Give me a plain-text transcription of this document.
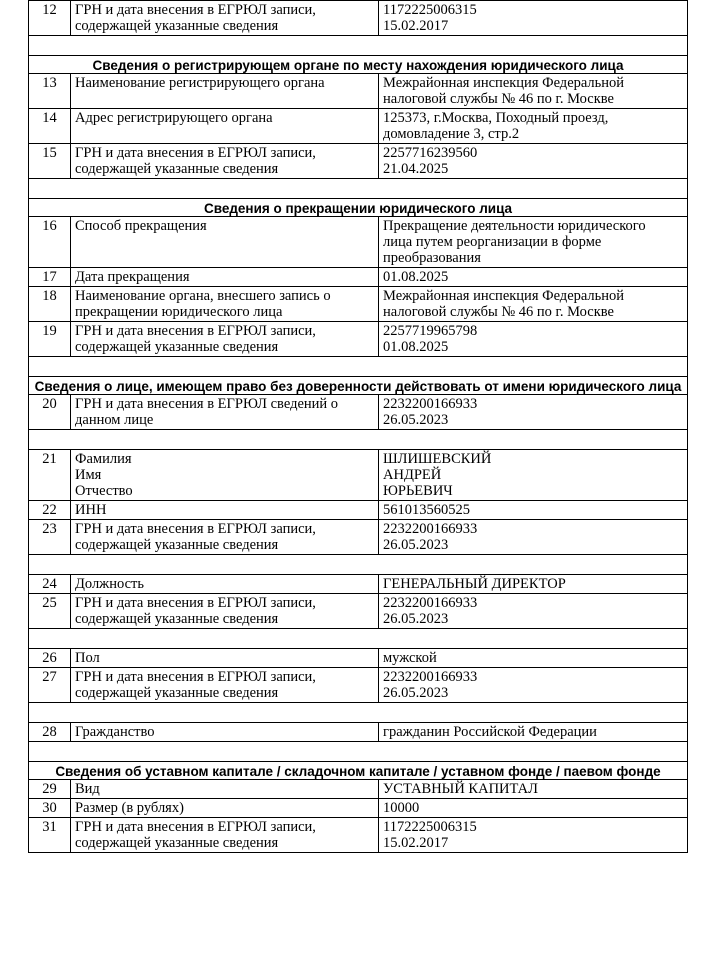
12	ГРН и дата внесения в ЕГРЮЛ записи,
содержащей указанные сведения	1172225006315
15.02.2017

Сведения о регистрирующем органе по месту нахождения юридического лица		
13	Наименование регистрирующего органа	Межрайонная инспекция Федеральной
налоговой службы № 46 по г. Москве

14	Адрес регистрирующего органа	125373, г.Москва, Походный проезд,
домовладение 3, стр.2

15	ГРН и дата внесения в ЕГРЮЛ записи,
содержащей указанные сведения	2257716239560
21.04.2025

Сведения о прекращении юридического лица		
16	Способ прекращения	Прекращение деятельности юридического
лица путем реорганизации в форме
преобразования

17	Дата прекращения	01.08.2025

18	Наименование органа, внесшего запись о
прекращении юридического лица	Межрайонная инспекция Федеральной
налоговой службы № 46 по г. Москве

19	ГРН и дата внесения в ЕГРЮЛ записи,
содержащей указанные сведения	2257719965798
01.08.2025

Сведения о лице, имеющем право без доверенности действовать от имени юридического лица		
20	ГРН и дата внесения в ЕГРЮЛ сведений о
данном лице	2232200166933
26.05.2023

21	Фамилия
Имя
Отчество	ШЛИШЕВСКИЙ
АНДРЕЙ
ЮРЬЕВИЧ

22	ИНН	561013560525

23	ГРН и дата внесения в ЕГРЮЛ записи,
содержащей указанные сведения	2232200166933
26.05.2023

24	Должность	ГЕНЕРАЛЬНЫЙ ДИРЕКТОР

25	ГРН и дата внесения в ЕГРЮЛ записи,
содержащей указанные сведения	2232200166933
26.05.2023

26	Пол	мужской

27	ГРН и дата внесения в ЕГРЮЛ записи,
содержащей указанные сведения	2232200166933
26.05.2023

28	Гражданство	гражданин Российской Федерации

Сведения об уставном капитале / складочном капитале / уставном фонде / паевом фонде		
29	Вид	УСТАВНЫЙ КАПИТАЛ

30	Размер (в рублях)	10000

31	ГРН и дата внесения в ЕГРЮЛ записи,
содержащей указанные сведения	1172225006315
15.02.2017
